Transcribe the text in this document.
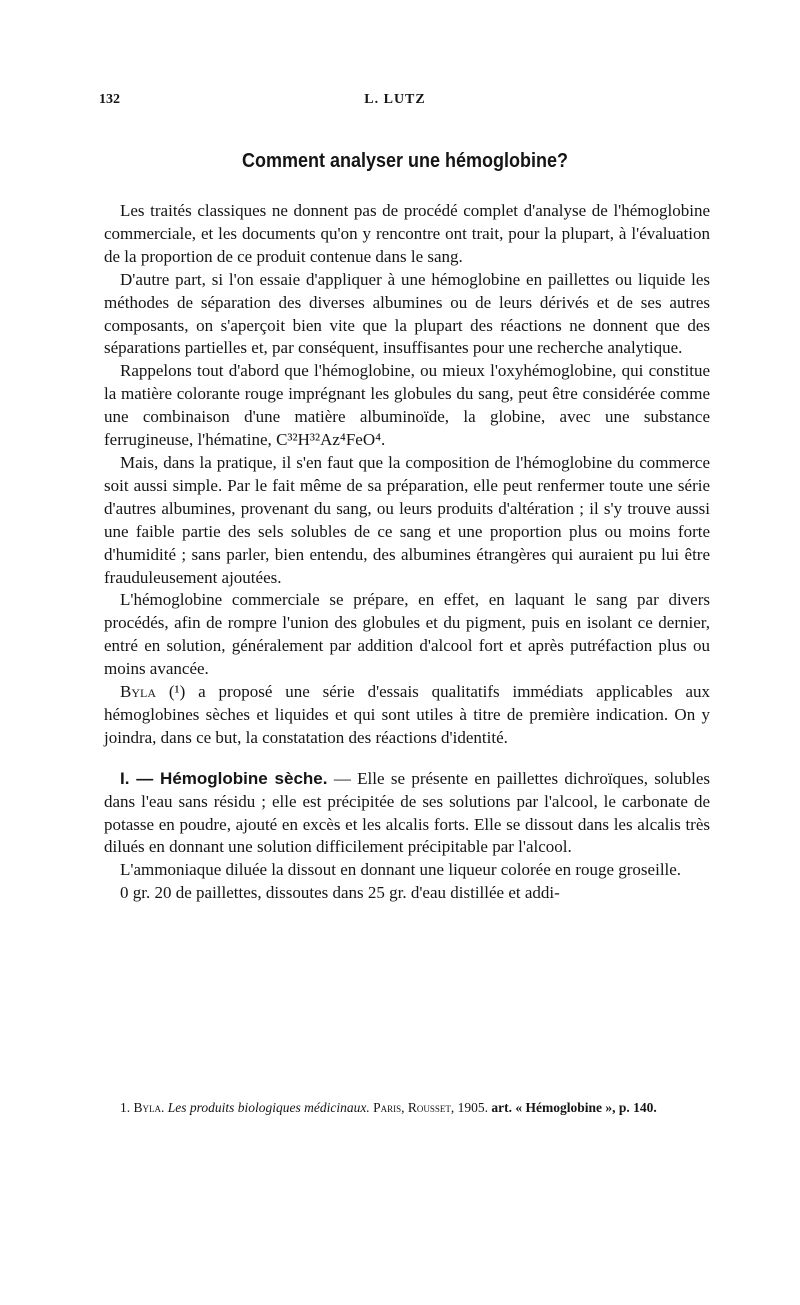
132	L. LUTZ
Comment analyser une hémoglobine?

Les traités classiques ne donnent pas de procédé complet d'analyse de l'hémoglobine commerciale, et les documents qu'on y rencontre ont trait, pour la plupart, à l'évaluation de la proportion de ce produit contenue dans le sang.

D'autre part, si l'on essaie d'appliquer à une hémoglobine en paillettes ou liquide les méthodes de séparation des diverses albumines ou de leurs dérivés et de ses autres composants, on s'aperçoit bien vite que la plupart des réactions ne donnent que des séparations partielles et, par conséquent, insuffisantes pour une recherche analytique.

Rappelons tout d'abord que l'hémoglobine, ou mieux l'oxyhémoglobine, qui constitue la matière colorante rouge imprégnant les globules du sang, peut être considérée comme une combinaison d'une matière albuminoïde, la globine, avec une substance ferrugineuse, l'hématine, C³²H³²Az⁴FeO⁴.

Mais, dans la pratique, il s'en faut que la composition de l'hémoglobine du commerce soit aussi simple. Par le fait même de sa préparation, elle peut renfermer toute une série d'autres albumines, provenant du sang, ou leurs produits d'altération ; il s'y trouve aussi une faible partie des sels solubles de ce sang et une proportion plus ou moins forte d'humidité ; sans parler, bien entendu, des albumines étrangères qui auraient pu lui être frauduleusement ajoutées.

L'hémoglobine commerciale se prépare, en effet, en laquant le sang par divers procédés, afin de rompre l'union des globules et du pigment, puis en isolant ce dernier, entré en solution, généralement par addition d'alcool fort et après putréfaction plus ou moins avancée.

Byla (¹) a proposé une série d'essais qualitatifs immédiats applicables aux hémoglobines sèches et liquides et qui sont utiles à titre de première indication. On y joindra, dans ce but, la constatation des réactions d'identité.

I. — Hémoglobine sèche. — Elle se présente en paillettes dichroïques, solubles dans l'eau sans résidu ; elle est précipitée de ses solutions par l'alcool, le carbonate de potasse en poudre, ajouté en excès et les alcalis forts. Elle se dissout dans les alcalis très dilués en donnant une solution difficilement précipitable par l'alcool.

L'ammoniaque diluée la dissout en donnant une liqueur colorée en rouge groseille.

0 gr. 20 de paillettes, dissoutes dans 25 gr. d'eau distillée et addi-

1. Byla. Les produits biologiques médicinaux. Paris, Rousset, 1905. art. « Hémoglobine », p. 140.
